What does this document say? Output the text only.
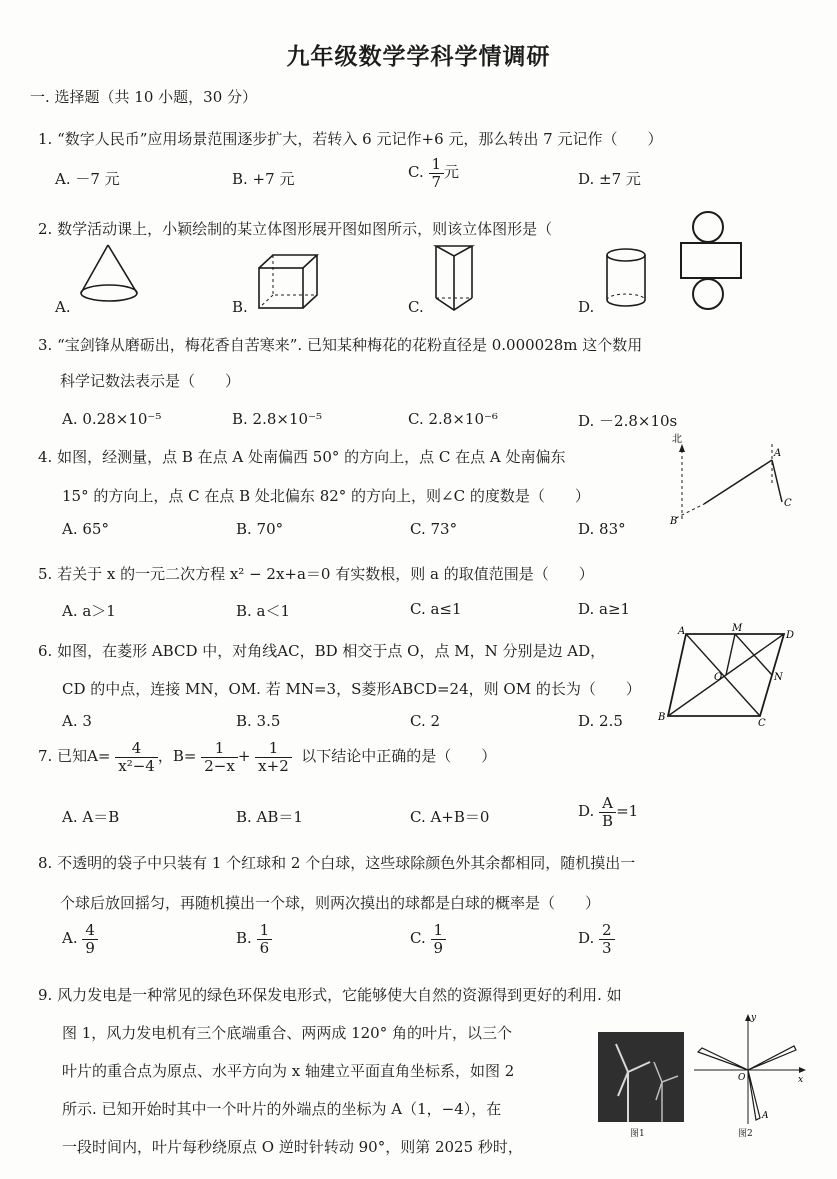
九年级数学学科学情调研
一. 选择题（共 10 小题，30 分）
1. “数字人民币”应用场景范围逐步扩大，若转入 6 元记作+6 元，那么转出 7 元记作（　　）
A. －7 元	B. +7 元	C. $\frac{1}{7}$ 元	D. ±7 元
2. 数学活动课上，小颖绘制的某立体图形展开图如图所示，则该立体图形是（
A.	B.	C.	D.
3. “宝剑锋从磨砺出，梅花香自苦寒来”. 已知某种梅花的花粉直径是 0.000028m 这个数用
科学记数法表示是（　　）
A. 0.28×10⁻⁵	B. 2.8×10⁻⁵	C. 2.8×10⁻⁶	D. －2.8×10s
4. 如图，经测量，点 B 在点 A 处南偏西 50° 的方向上，点 C 在点 A 处南偏东
15° 的方向上，点 C 在点 B 处北偏东 82° 的方向上，则∠C 的度数是（　　）
A. 65°	B. 70°	C. 73°	D. 83°
北
A
B
C
5. 若关于 x 的一元二次方程 x² − 2x+a＝0 有实数根，则 a 的取值范围是（　　）
A. a＞1	B. a＜1	C. a≤1	D. a≥1
6. 如图，在菱形 ABCD 中，对角线AC，BD 相交于点 O，点 M，N 分别是边 AD，
CD 的中点，连接 MN，OM. 若 MN=3，S菱形ABCD=24，则 OM 的长为（　　）
A. 3	B. 3.5	C. 2	D. 2.5
A	M
D
N
O
B
C
7. 已知$A= \frac{4}{\text{x²−4}}$ ，$B= \frac{1}{2-x} + \frac{1}{x+2}$ 以下结论中正确的是（　　）
A. A＝B	B. AB＝1	C. A+B＝0	D. $\frac{A}{B} =1$
8. 不透明的袋子中只装有 1 个红球和 2 个白球，这些球除颜色外其余都相同，随机摸出一
个球后放回摇匀，再随机摸出一个球，则两次摸出的球都是白球的概率是（　　）
A. $\frac{4}{9}$	B. $\frac{1}{6}$	C. $\frac{1}{9}$	D. $\frac{2}{3}$
9. 风力发电是一种常见的绿色环保发电形式，它能够使大自然的资源得到更好的利用. 如
图 1，风力发电机有三个底端重合、两两成 120° 角的叶片，以三个
叶片的重合点为原点、水平方向为 x 轴建立平面直角坐标系，如图 2
所示. 已知开始时其中一个叶片的外端点的坐标为 A（1，−4），在
一段时间内，叶片每秒绕原点 O 逆时针转动 90°，则第 2025 秒时，
图1
y
x
O
A
图2
